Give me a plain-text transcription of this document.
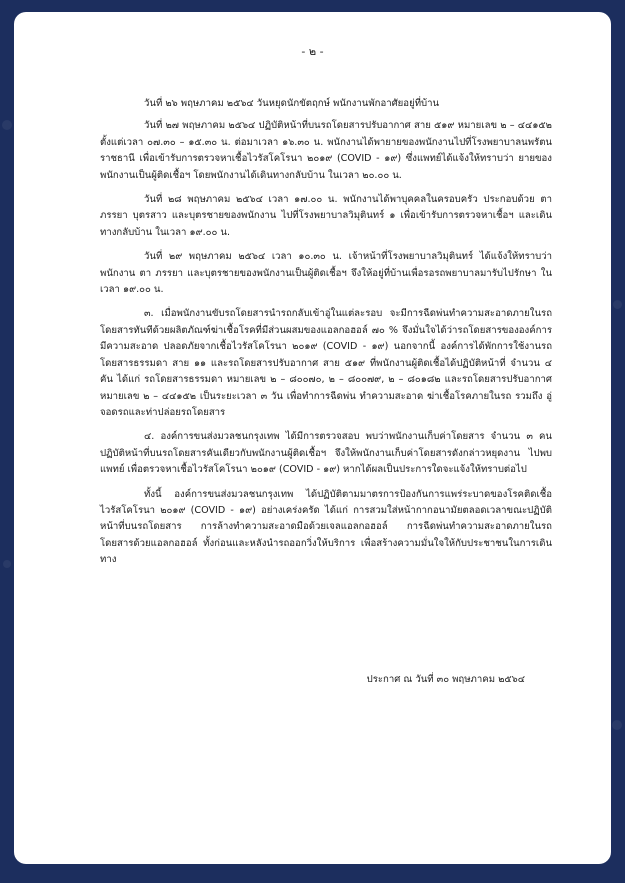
- ๒ -

วันที่ ๒๖ พฤษภาคม ๒๕๖๔ วันหยุดนักขัตฤกษ์ พนักงานพักอาศัยอยู่ที่บ้าน

วันที่ ๒๗ พฤษภาคม ๒๕๖๔ ปฏิบัติหน้าที่บนรถโดยสารปรับอากาศ สาย ๕๑๙ หมายเลข ๒ – ๔๔๑๕๒ ตั้งแต่เวลา ๐๗.๓๐ – ๑๕.๓๐ น. ต่อมาเวลา ๑๖.๓๐ น. พนักงานได้พายายของพนักงานไปที่โรงพยาบาลนพรัตนราชธานี เพื่อเข้ารับการตรวจหาเชื้อไวรัสโคโรนา ๒๐๑๙ (COVID - ๑๙) ซึ่งแพทย์ได้แจ้งให้ทราบว่า ยายของพนักงานเป็นผู้ติดเชื้อฯ โดยพนักงานได้เดินทางกลับบ้าน ในเวลา ๒๐.๐๐ น.

วันที่ ๒๘ พฤษภาคม ๒๕๖๔ เวลา ๑๗.๐๐ น. พนักงานได้พาบุคคลในครอบครัว ประกอบด้วย ตา ภรรยา บุตรสาว และบุตรชายของพนักงาน ไปที่โรงพยาบาลวิมุตินทร์ ๑ เพื่อเข้ารับการตรวจหาเชื้อฯ และเดินทางกลับบ้าน ในเวลา ๑๙.๐๐ น.

วันที่ ๒๙ พฤษภาคม ๒๕๖๔ เวลา ๑๐.๓๐ น. เจ้าหน้าที่โรงพยาบาลวิมุตินทร์ ได้แจ้งให้ทราบว่า พนักงาน ตา ภรรยา และบุตรชายของพนักงานเป็นผู้ติดเชื้อฯ จึงให้อยู่ที่บ้านเพื่อรอรถพยาบาลมารับไปรักษา ในเวลา ๑๙.๐๐ น.

๓. เมื่อพนักงานขับรถโดยสารนำรถกลับเข้าอู่ในแต่ละรอบ จะมีการฉีดพ่นทำความสะอาดภายในรถโดยสารทันทีด้วยผลิตภัณฑ์ฆ่าเชื้อโรคที่มีส่วนผสมของแอลกอฮอล์ ๗๐ % จึงมั่นใจได้ว่ารถโดยสารขององค์การมีความสะอาด ปลอดภัยจากเชื้อไวรัสโคโรนา ๒๐๑๙ (COVID - ๑๙) นอกจากนี้ องค์การได้พักการใช้งานรถโดยสารธรรมดา สาย ๑๑ และรถโดยสารปรับอากาศ สาย ๕๑๙ ที่พนักงานผู้ติดเชื้อได้ปฏิบัติหน้าที่ จำนวน ๔ คัน ได้แก่ รถโดยสารธรรมดา หมายเลข ๒ – ๘๐๐๗๐, ๒ – ๘๐๐๗๙, ๒ – ๘๐๑๘๒ และรถโดยสารปรับอากาศ หมายเลข ๒ – ๔๔๑๕๒ เป็นระยะเวลา ๓ วัน เพื่อทำการฉีดพ่น ทำความสะอาด ฆ่าเชื้อโรคภายในรถ รวมถึง อู่จอดรถและท่าปล่อยรถโดยสาร

๔. องค์การขนส่งมวลชนกรุงเทพ ได้มีการตรวจสอบ พบว่าพนักงานเก็บค่าโดยสาร จำนวน ๓ คน ปฏิบัติหน้าที่บนรถโดยสารคันเดียวกับพนักงานผู้ติดเชื้อฯ จึงให้พนักงานเก็บค่าโดยสารดังกล่าวหยุดงาน ไปพบแพทย์ เพื่อตรวจหาเชื้อไวรัสโคโรนา ๒๐๑๙ (COVID - ๑๙) หากได้ผลเป็นประการใดจะแจ้งให้ทราบต่อไป

ทั้งนี้ องค์การขนส่งมวลชนกรุงเทพ ได้ปฏิบัติตามมาตรการป้องกันการแพร่ระบาดของโรคติดเชื้อไวรัสโคโรนา ๒๐๑๙ (COVID - ๑๙) อย่างเคร่งครัด ได้แก่ การสวมใส่หน้ากากอนามัยตลอดเวลาขณะปฏิบัติหน้าที่บนรถโดยสาร การล้างทำความสะอาดมือด้วยเจลแอลกอฮอล์ การฉีดพ่นทำความสะอาดภายในรถโดยสารด้วยแอลกอฮอล์ ทั้งก่อนและหลังนำรถออกวิ่งให้บริการ เพื่อสร้างความมั่นใจให้กับประชาชนในการเดินทาง

ประกาศ ณ วันที่ ๓๐ พฤษภาคม ๒๕๖๔
